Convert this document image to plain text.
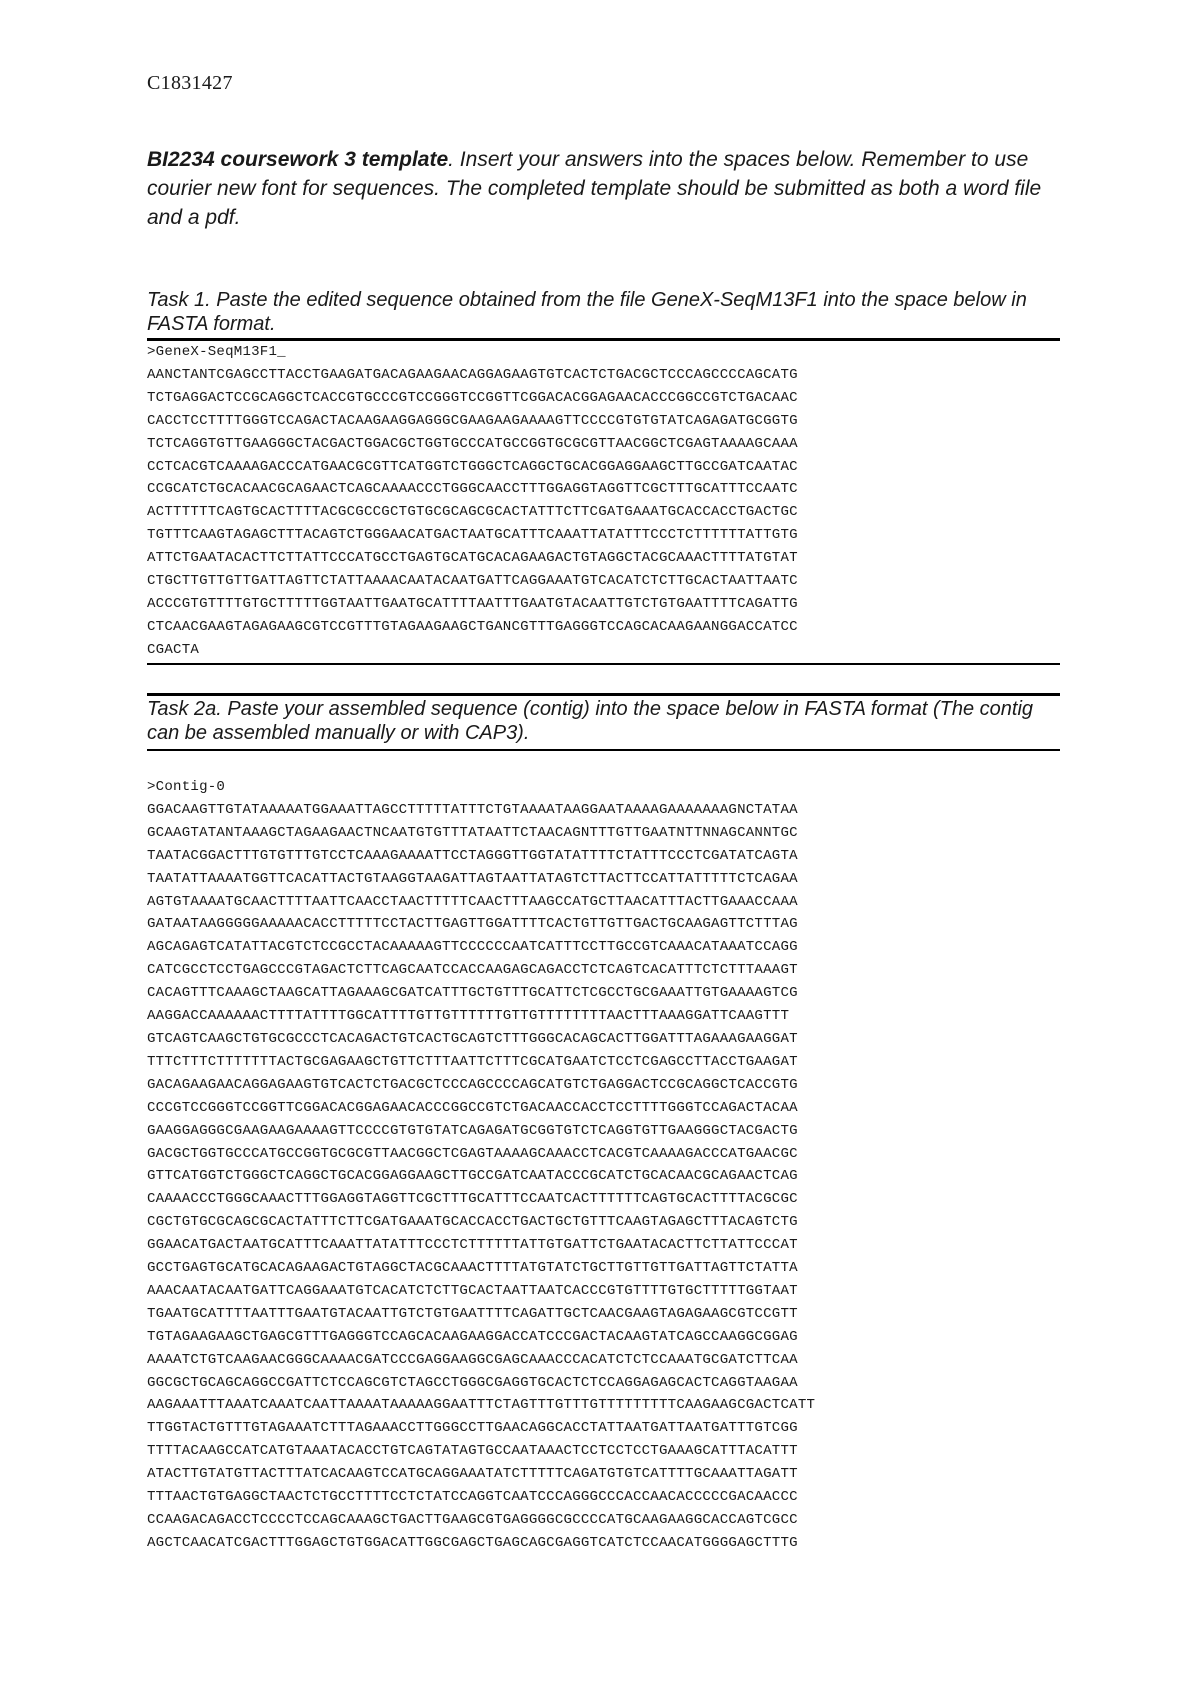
C1831427
BI2234 coursework 3 template. Insert your answers into the spaces below. Remember to use courier new font for sequences. The completed template should be submitted as both a word file and a pdf.
Task 1. Paste the edited sequence obtained from the file GeneX-SeqM13F1 into the space below in FASTA format.
>GeneX-SeqM13F1_
AANCTANTCGAGCCTTACCTGAAGATGACAGAAGAACAGGAGAAGTGTCACTCTGACGCTCCCAGCCCCAGCATG
TCTGAGGACTCCGCAGGCTCACCGTGCCCGTCCGGGTCCGGTTCGGACACGGAGAACACCCGGCCGTCTGACAAC
CACCTCCTTTTGGGTCCAGACTACAAGAAGGAGGGCGAAGAAGAAAAGTTCCCCGTGTGTATCAGAGATGCGGTG
TCTCAGGTGTTGAAGGGCTACGACTGGACGCTGGTGCCCATGCCGGTGCGCGTTAACGGCTCGAGTAAAAGCAAA
CCTCACGTCAAAAGACCCATGAACGCGTTCATGGTCTGGGCTCAGGCTGCACGGAGGAAGCTTGCCGATCAATAC
CCGCATCTGCACAACGCAGAACTCAGCAAAACCCTGGGCAACCTTTGGAGGTAGGTTCGCTTTGCATTTCCAATC
ACTTTTTTCAGTGCACTTTTACGCGCCGCTGTGCGCAGCGCACTATTTCTTCGATGAAATGCACCACCTGACTGC
TGTTTCAAGTAGAGCTTTACAGTCTGGGAACATGACTAATGCATTTCAAATTATATTTCCCTCTTTTTTATTGTG
ATTCTGAATACACTTCTTATTCCCATGCCTGAGTGCATGCACAGAAGACTGTAGGCTACGCAAACTTTTATGTAT
CTGCTTGTTGTTGATTAGTTCTATTAAAACAATACAATGATTCAGGAAATGTCACATCTCTTGCACTAATTAATC
ACCCGTGTTTTGTGCTTTTTGGTAATTGAATGCATTTTAATTTGAATGTACAATTGTCTGTGAATTTTCAGATTG
CTCAACGAAGTAGAGAAGCGTCCGTTTGTAGAAGAAGCTGANCGTTTGAGGGTCCAGCACAAGAANGGACCATCC
CGACTA
Task 2a. Paste your assembled sequence (contig) into the space below in FASTA format (The contig can be assembled manually or with CAP3).
>Contig-0
GGACAAGTTGTATAAAAATGGAAATTAGCCTTTTTATTTCTGTAAAATAAGGAATAAAAGAAAAAAAGNCTATAA
GCAAGTATANTAAAGCTAGAAGAACTNCAATGTGTTTATAATTCTAACAGNTTTGTTGAATNTTNNAGCANNTGC
TAATACGGACTTTGTGTTTGTCCTCAAAGAAAATTCCTAGGGTTGGTATATTTTCTATTTCCCTCGATATCAGTA
TAATATTAAAATGGTTCACATTACTGTAAGGTAAGATTAGTAATTATAGTCTTACTTCCATTATTTTTCTCAGAA
AGTGTAAAATGCAACTTTTAATTCAACCTAACTTTTTCAACTTTAAGCCATGCTTAACATTTACTTGAAACCAAA
GATAATAAGGGGGAAAAACACCTTTTTCCTACTTGAGTTGGATTTTCACTGTTGTTGACTGCAAGAGTTCTTTAG
AGCAGAGTCATATTACGTCTCCGCCTACAAAAAGTTCCCCCCAATCATTTCCTTGCCGTCAAACATAAATCCAGG
CATCGCCTCCTGAGCCCGTAGACTCTTCAGCAATCCACCAAGAGCAGACCTCTCAGTCACATTTCTCTTTAAAGT
CACAGTTTCAAAGCTAAGCATTAGAAAGCGATCATTTGCTGTTTGCATTCTCGCCTGCGAAATTGTGAAAAGTCG
AAGGACCAAAAAACTTTTATTTTGGCATTTTGTTGTTTTTTGTTGTTTTTTTTAACTTTAAAGGATTCAAGTTT
GTCAGTCAAGCTGTGCGCCCTCACAGACTGTCACTGCAGTCTTTGGGCACAGCACTTGGATTTAGAAAGAAGGAT
TTTCTTTCTTTTTTTACTGCGAGAAGCTGTTCTTTAATTCTTTCGCATGAATCTCCTCGAGCCTTACCTGAAGAT
GACAGAAGAACAGGAGAAGTGTCACTCTGACGCTCCCAGCCCCAGCATGTCTGAGGACTCCGCAGGCTCACCGTG
CCCGTCCGGGTCCGGTTCGGACACGGAGAACACCCGGCCGTCTGACAACCACCTCCTTTTGGGTCCAGACTACAA
GAAGGAGGGCGAAGAAGAAAAGTTCCCCGTGTGTATCAGAGATGCGGTGTCTCAGGTGTTGAAGGGCTACGACTG
GACGCTGGTGCCCATGCCGGTGCGCGTTAACGGCTCGAGTAAAAGCAAACCTCACGTCAAAAGACCCATGAACGC
GTTCATGGTCTGGGCTCAGGCTGCACGGAGGAAGCTTGCCGATCAATACCCGCATCTGCACAACGCAGAACTCAG
CAAAACCCTGGGCAAACTTTGGAGGTAGGTTCGCTTTGCATTTCCAATCACTTTTTTCAGTGCACTTTTACGCGC
CGCTGTGCGCAGCGCACTATTTCTTCGATGAAATGCACCACCTGACTGCTGTTTCAAGTAGAGCTTTACAGTCTG
GGAACATGACTAATGCATTTCAAATTATATTTCCCTCTTTTTTATTGTGATTCTGAATACACTTCTTATTCCCAT
GCCTGAGTGCATGCACAGAAGACTGTAGGCTACGCAAACTTTTATGTATCTGCTTGTTGTTGATTAGTTCTATTA
AAACAATACAATGATTCAGGAAATGTCACATCTCTTGCACTAATTAATCACCCGTGTTTTGTGCTTTTTGGTAAT
TGAATGCATTTTAATTTGAATGTACAATTGTCTGTGAATTTTCAGATTGCTCAACGAAGTAGAGAAGCGTCCGTT
TGTAGAAGAAGCTGAGCGTTTGAGGGTCCAGCACAAGAAGGACCATCCCGACTACAAGTATCAGCCAAGGCGGAG
AAAATCTGTCAAGAACGGGCAAAACGATCCCGAGGAAGGCGAGCAAACCCACATCTCTCCAAATGCGATCTTCAA
GGCGCTGCAGCAGGCCGATTCTCCAGCGTCTAGCCTGGGCGAGGTGCACTCTCCAGGAGAGCACTCAGGTAAGAA
AAGAAATTTAAATCAAATCAATTAAAATAAAAAGGAATTTCTAGTTTGTTTGTTTTTTTTTCAAGAAGCGACTCATT
TTGGTACTGTTTGTAGAAATCTTTAGAAACCTTGGGCCTTGAACAGGCACCTATTAATGATTAATGATTTGTCGG
TTTTACAAGCCATCATGTAAATACACCTGTCAGTATAGTGCCAATAAACTCCTCCTCCTGAAAGCATTTACATTT
ATACTTGTATGTTACTTTATCACAAGTCCATGCAGGAAATATCTTTTTCAGATGTGTCATTTTGCAAATTAGATT
TTTAACTGTGAGGCTAACTCTGCCTTTTCCTCTATCCAGGTCAATCCCAGGGCCCACCAACACCCCCGACAACCC
CCAAGACAGACCTCCCCTCCAGCAAAGCTGACTTGAAGCGTGAGGGGCGCCCCATGCAAGAAGGCACCAGTCGCC
AGCTCAACATCGACTTTGGAGCTGTGGACATTGGCGAGCTGAGCAGCGAGGTCATCTCCAACATGGGGAGCTTTG
